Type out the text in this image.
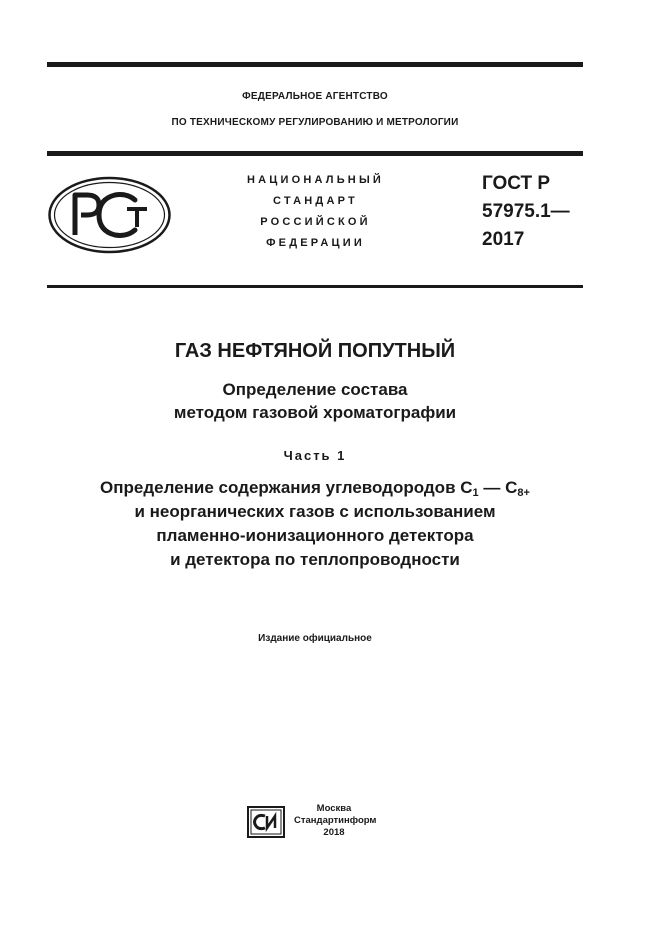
ФЕДЕРАЛЬНОЕ АГЕНТСТВО
ПО ТЕХНИЧЕСКОМУ РЕГУЛИРОВАНИЮ И МЕТРОЛОГИИ
НАЦИОНАЛЬНЫЙ
СТАНДАРТ
РОССИЙСКОЙ
ФЕДЕРАЦИИ
ГОСТ Р
57975.1—
2017
ГАЗ НЕФТЯНОЙ ПОПУТНЫЙ
Определение состава
методом газовой хроматографии
Часть 1
Определение содержания углеводородов $С_1$ — $С_{8+}$
и неорганических газов с использованием
пламенно-ионизационного детектора
и детектора по теплопроводности
Издание официальное
Москва
Стандартинформ
2018
